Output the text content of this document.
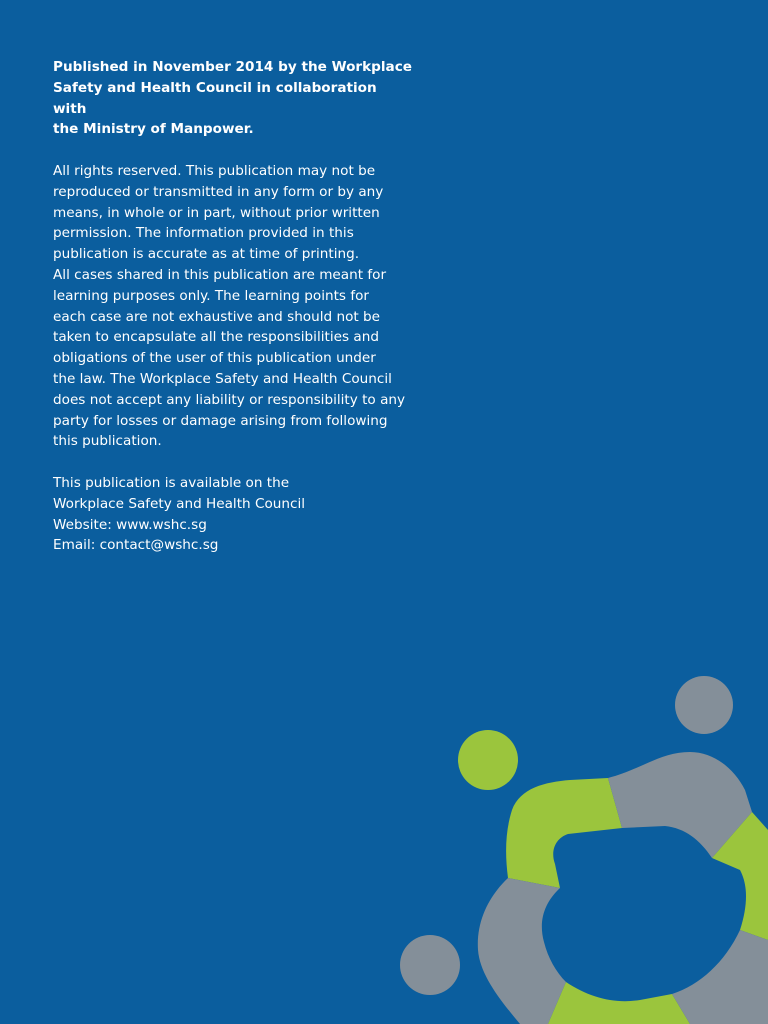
Published in November 2014 by the Workplace
Safety and Health Council in collaboration with
the Ministry of Manpower.

All rights reserved. This publication may not be
reproduced or transmitted in any form or by any
means, in whole or in part, without prior written
permission. The information provided in this
publication is accurate as at time of printing.
All cases shared in this publication are meant for
learning purposes only. The learning points for
each case are not exhaustive and should not be
taken to encapsulate all the responsibilities and
obligations of the user of this publication under
the law. The Workplace Safety and Health Council
does not accept any liability or responsibility to any
party for losses or damage arising from following
this publication.

This publication is available on the
Workplace Safety and Health Council

Website: www.wshc.sg

Email: contact@wshc.sg
